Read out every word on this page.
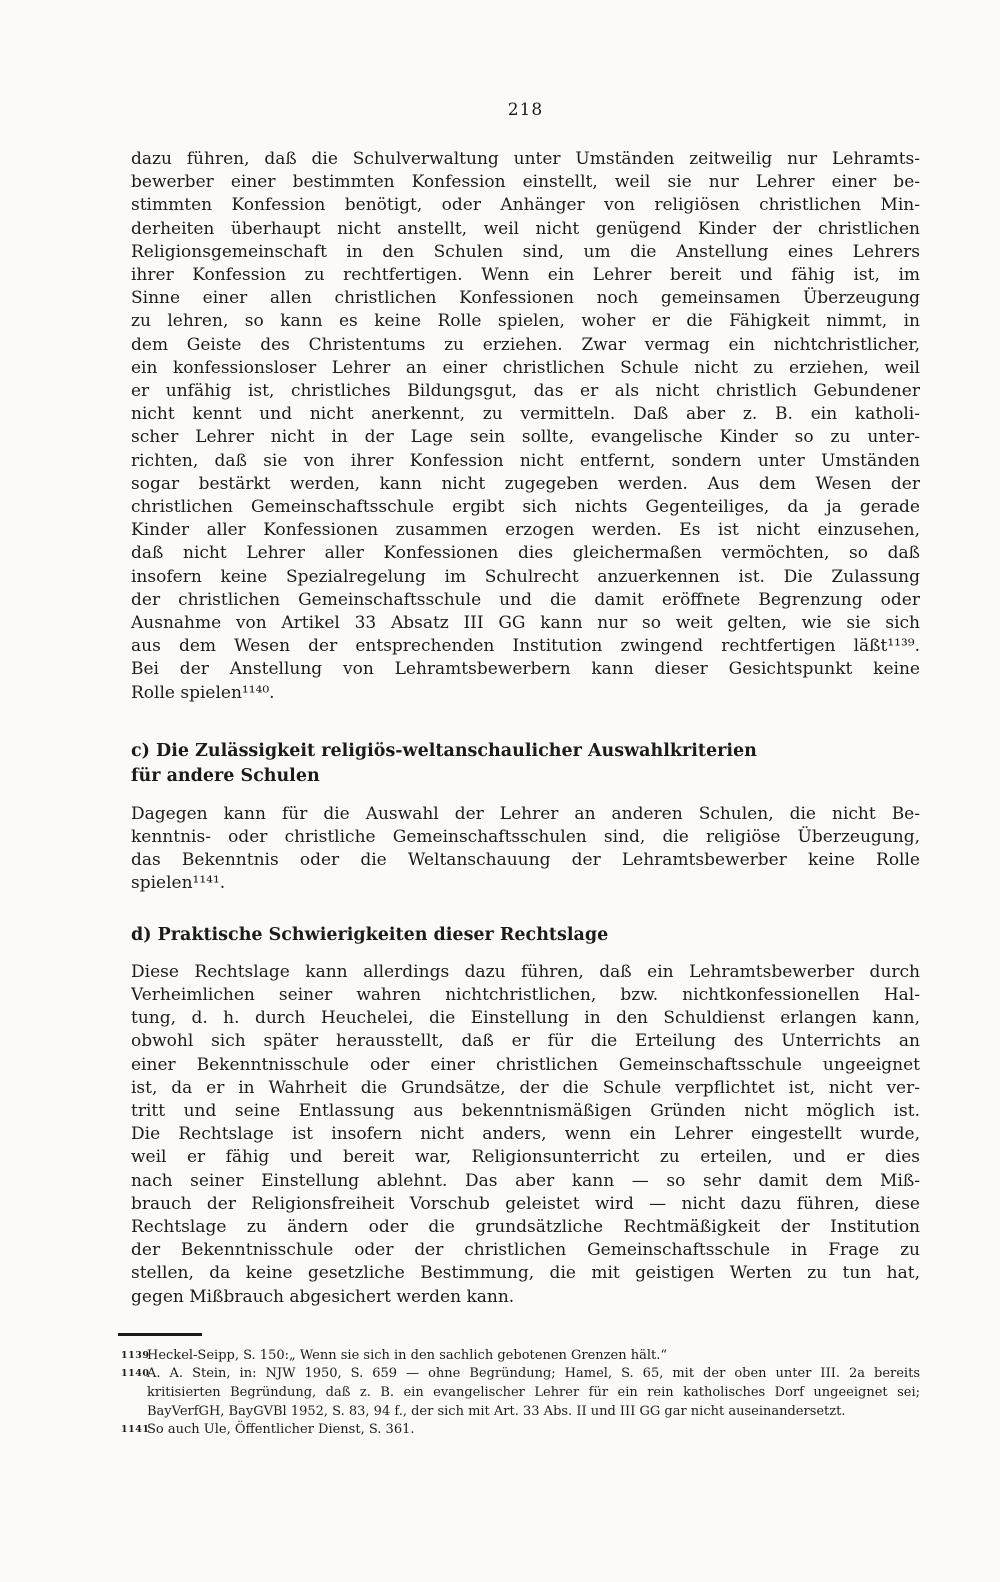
218
dazu führen, daß die Schulverwaltung unter Umständen zeitweilig nur Lehramts-
bewerber einer bestimmten Konfession einstellt, weil sie nur Lehrer einer be-
stimmten Konfession benötigt, oder Anhänger von religiösen christlichen Min-
derheiten überhaupt nicht anstellt, weil nicht genügend Kinder der christlichen
Religionsgemeinschaft in den Schulen sind, um die Anstellung eines Lehrers
ihrer Konfession zu rechtfertigen. Wenn ein Lehrer bereit und fähig ist, im
Sinne einer allen christlichen Konfessionen noch gemeinsamen Überzeugung
zu lehren, so kann es keine Rolle spielen, woher er die Fähigkeit nimmt, in
dem Geiste des Christentums zu erziehen. Zwar vermag ein nichtchristlicher,
ein konfessionsloser Lehrer an einer christlichen Schule nicht zu erziehen, weil
er unfähig ist, christliches Bildungsgut, das er als nicht christlich Gebundener
nicht kennt und nicht anerkennt, zu vermitteln. Daß aber z. B. ein katholi-
scher Lehrer nicht in der Lage sein sollte, evangelische Kinder so zu unter-
richten, daß sie von ihrer Konfession nicht entfernt, sondern unter Umständen
sogar bestärkt werden, kann nicht zugegeben werden. Aus dem Wesen der
christlichen Gemeinschaftsschule ergibt sich nichts Gegenteiliges, da ja gerade
Kinder aller Konfessionen zusammen erzogen werden. Es ist nicht einzusehen,
daß nicht Lehrer aller Konfessionen dies gleichermaßen vermöchten, so daß
insofern keine Spezialregelung im Schulrecht anzuerkennen ist. Die Zulassung
der christlichen Gemeinschaftsschule und die damit eröffnete Begrenzung oder
Ausnahme von Artikel 33 Absatz III GG kann nur so weit gelten, wie sie sich
aus dem Wesen der entsprechenden Institution zwingend rechtfertigen läßt¹¹³⁹.
Bei der Anstellung von Lehramtsbewerbern kann dieser Gesichtspunkt keine
Rolle spielen¹¹⁴⁰.
c) Die Zulässigkeit religiös-weltanschaulicher Auswahlkriterien
für andere Schulen
Dagegen kann für die Auswahl der Lehrer an anderen Schulen, die nicht Be-
kenntnis- oder christliche Gemeinschaftsschulen sind, die religiöse Überzeugung,
das Bekenntnis oder die Weltanschauung der Lehramtsbewerber keine Rolle
spielen¹¹⁴¹.
d) Praktische Schwierigkeiten dieser Rechtslage
Diese Rechtslage kann allerdings dazu führen, daß ein Lehramtsbewerber durch
Verheimlichen seiner wahren nichtchristlichen, bzw. nichtkonfessionellen Hal-
tung, d. h. durch Heuchelei, die Einstellung in den Schuldienst erlangen kann,
obwohl sich später herausstellt, daß er für die Erteilung des Unterrichts an
einer Bekenntnisschule oder einer christlichen Gemeinschaftsschule ungeeignet
ist, da er in Wahrheit die Grundsätze, der die Schule verpflichtet ist, nicht ver-
tritt und seine Entlassung aus bekenntnismäßigen Gründen nicht möglich ist.
Die Rechtslage ist insofern nicht anders, wenn ein Lehrer eingestellt wurde,
weil er fähig und bereit war, Religionsunterricht zu erteilen, und er dies
nach seiner Einstellung ablehnt. Das aber kann — so sehr damit dem Miß-
brauch der Religionsfreiheit Vorschub geleistet wird — nicht dazu führen, diese
Rechtslage zu ändern oder die grundsätzliche Rechtmäßigkeit der Institution
der Bekenntnisschule oder der christlichen Gemeinschaftsschule in Frage zu
stellen, da keine gesetzliche Bestimmung, die mit geistigen Werten zu tun hat,
gegen Mißbrauch abgesichert werden kann.
1139
Heckel-Seipp, S. 150:„ Wenn sie sich in den sachlich gebotenen Grenzen hält.“
1140
A. A. Stein, in: NJW 1950, S. 659 — ohne Begründung; Hamel, S. 65, mit der oben unter III. 2a bereits
kritisierten Begründung, daß z. B. ein evangelischer Lehrer für ein rein katholisches Dorf ungeeignet sei;
BayVerfGH, BayGVBl 1952, S. 83, 94 f., der sich mit Art. 33 Abs. II und III GG gar nicht auseinandersetzt.
1141
So auch Ule, Öffentlicher Dienst, S. 361.
